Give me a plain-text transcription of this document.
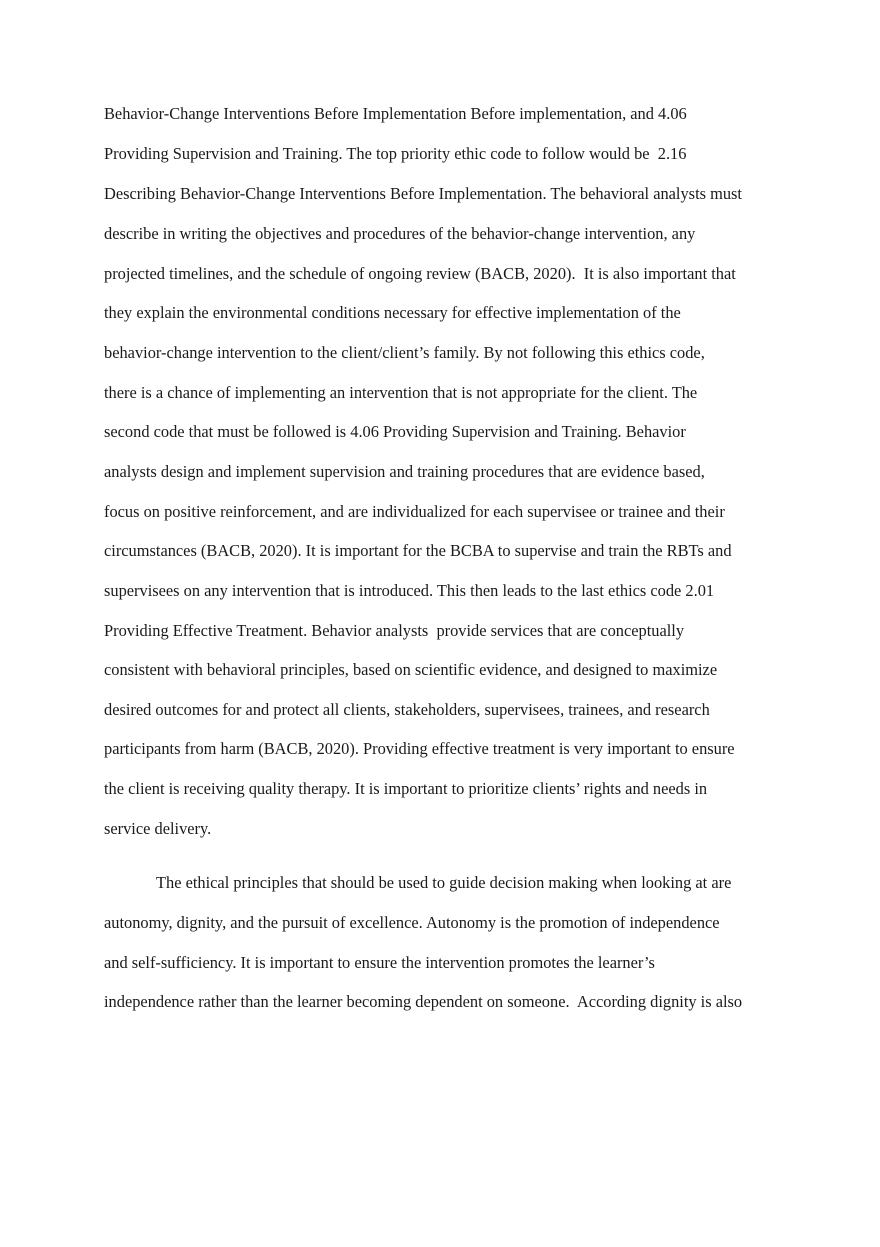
Behavior-Change Interventions Before Implementation Before implementation, and 4.06
Providing Supervision and Training. The top priority ethic code to follow would be  2.16
Describing Behavior-Change Interventions Before Implementation. The behavioral analysts must
describe in writing the objectives and procedures of the behavior-change intervention, any
projected timelines, and the schedule of ongoing review (BACB, 2020).  It is also important that
they explain the environmental conditions necessary for effective implementation of the
behavior-change intervention to the client/client’s family. By not following this ethics code,
there is a chance of implementing an intervention that is not appropriate for the client. The
second code that must be followed is 4.06 Providing Supervision and Training. Behavior
analysts design and implement supervision and training procedures that are evidence based,
focus on positive reinforcement, and are individualized for each supervisee or trainee and their
circumstances (BACB, 2020). It is important for the BCBA to supervise and train the RBTs and
supervisees on any intervention that is introduced. This then leads to the last ethics code 2.01
Providing Effective Treatment. Behavior analysts  provide services that are conceptually
consistent with behavioral principles, based on scientific evidence, and designed to maximize
desired outcomes for and protect all clients, stakeholders, supervisees, trainees, and research
participants from harm (BACB, 2020). Providing effective treatment is very important to ensure
the client is receiving quality therapy. It is important to prioritize clients’ rights and needs in
service delivery.
The ethical principles that should be used to guide decision making when looking at are
autonomy, dignity, and the pursuit of excellence. Autonomy is the promotion of independence
and self-sufficiency. It is important to ensure the intervention promotes the learner’s
independence rather than the learner becoming dependent on someone.  According dignity is also
